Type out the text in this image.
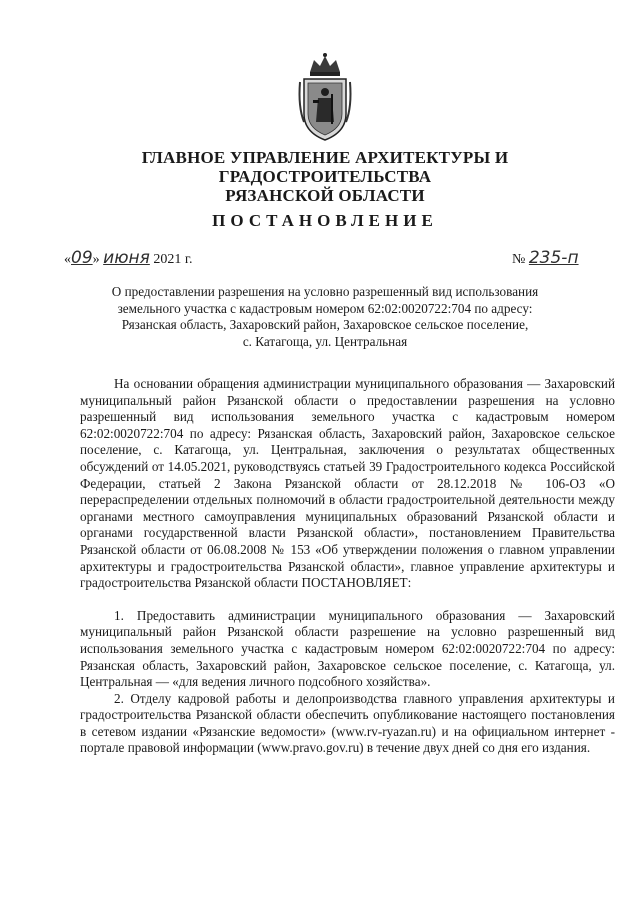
ГЛАВНОЕ УПРАВЛЕНИЕ АРХИТЕКТУРЫ И ГРАДОСТРОИТЕЛЬСТВА
РЯЗАНСКОЙ ОБЛАСТИ
ПОСТАНОВЛЕНИЕ
«09» июня 2021 г.	№ 235-п
О предоставлении разрешения на условно разрешенный вид использования
земельного участка с кадастровым номером 62:02:0020722:704 по адресу:
Рязанская область, Захаровский район, Захаровское сельское поселение,
с. Катагоща, ул. Центральная

На основании обращения администрации муниципального образования — Захаровский муниципальный район Рязанской области о предоставлении разрешения на условно разрешенный вид использования земельного участка с кадастровым номером 62:02:0020722:704 по адресу: Рязанская область, Захаровский район, Захаровское сельское поселение, с. Катагоща, ул. Центральная, заключения о результатах общественных обсуждений от 14.05.2021, руководствуясь статьей 39 Градостроительного кодекса Российской Федерации, статьей 2 Закона Рязанской области от 28.12.2018 № 106-ОЗ «О перераспределении отдельных полномочий в области градостроительной деятельности между органами местного самоуправления муниципальных образований Рязанской области и органами государственной власти Рязанской области», постановлением Правительства Рязанской области от 06.08.2008 № 153 «Об утверждении положения о главном управлении архитектуры и градостроительства Рязанской области», главное управление архитектуры и градостроительства Рязанской области ПОСТАНОВЛЯЕТ:

1. Предоставить администрации муниципального образования — Захаровский муниципальный район Рязанской области разрешение на условно разрешенный вид использования земельного участка с кадастровым номером 62:02:0020722:704 по адресу: Рязанская область, Захаровский район, Захаровское сельское поселение, с. Катагоща, ул. Центральная — «для ведения личного подсобного хозяйства».

2. Отделу кадровой работы и делопроизводства главного управления архитектуры и градостроительства Рязанской области обеспечить опубликование настоящего постановления в сетевом издании «Рязанские ведомости» (www.rv-ryazan.ru) и на официальном интернет - портале правовой информации (www.pravo.gov.ru) в течение двух дней со дня его издания.
